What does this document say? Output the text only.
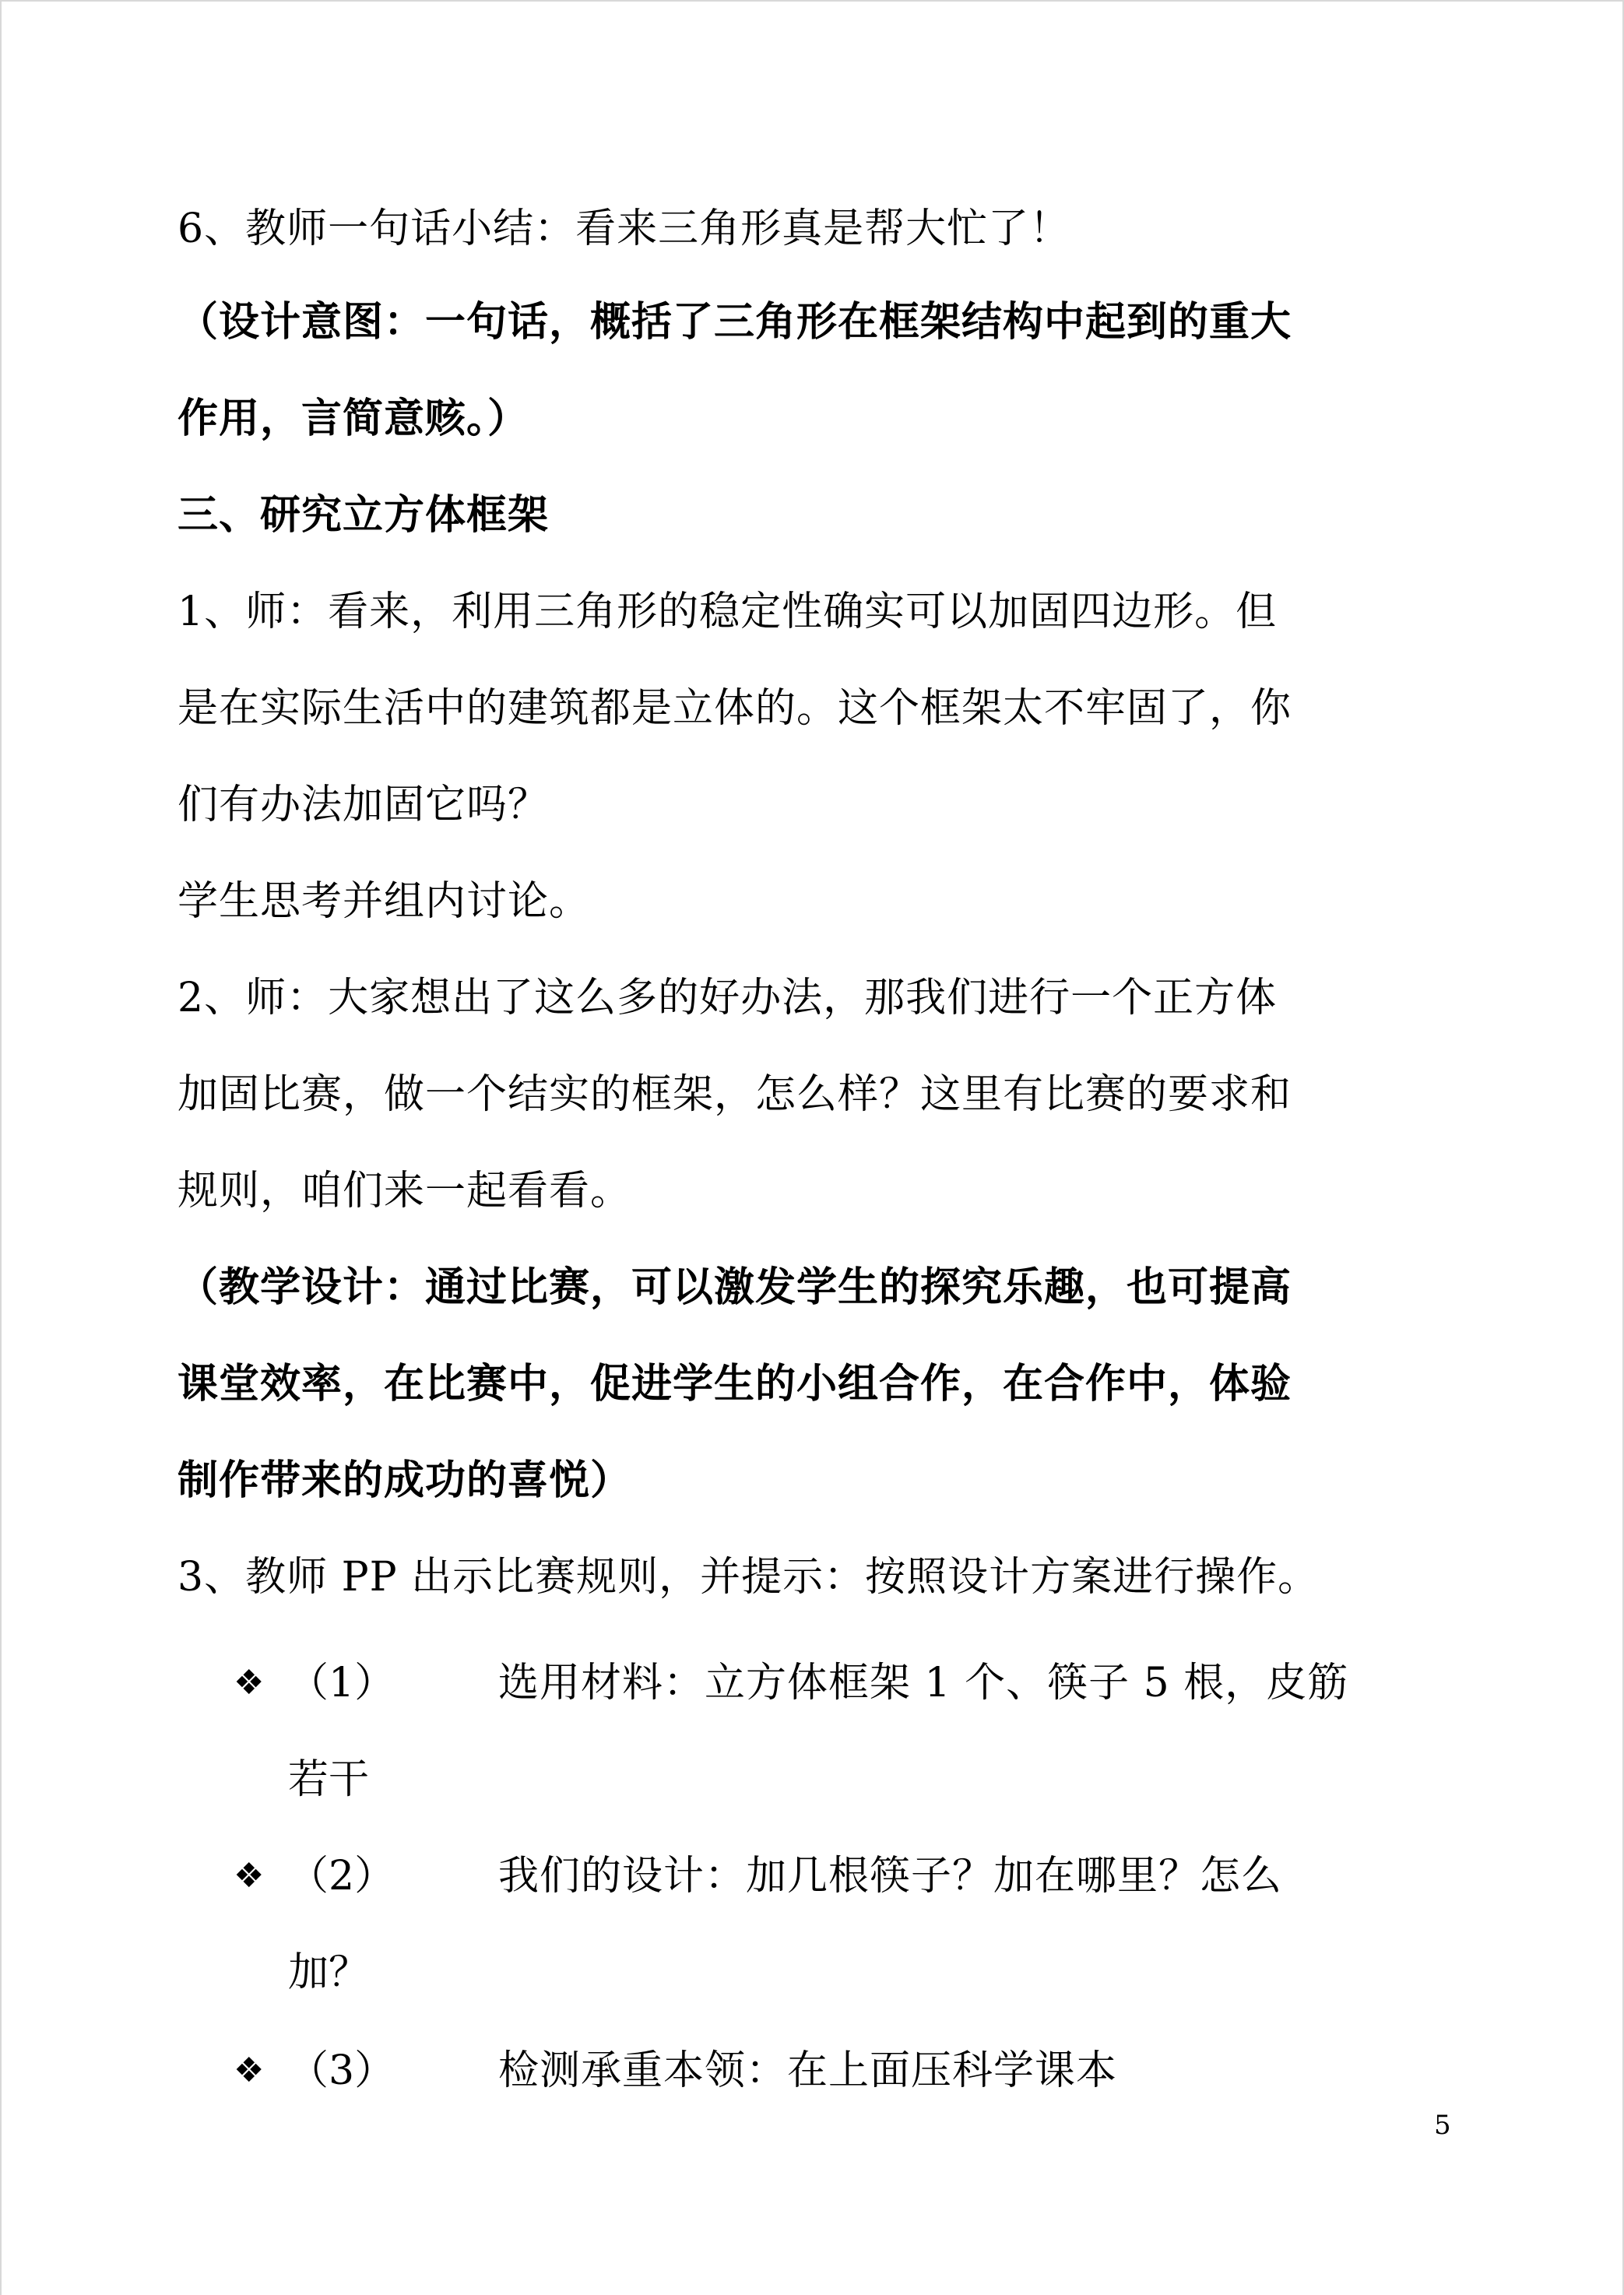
6、教师一句话小结：看来三角形真是帮大忙了！
（设计意图：一句话，概括了三角形在框架结构中起到的重大
作用，言简意赅。）
三、研究立方体框架
1、师：看来，利用三角形的稳定性确实可以加固四边形。但
是在实际生活中的建筑都是立体的。这个框架太不牢固了，你
们有办法加固它吗？
学生思考并组内讨论。
2、师：大家想出了这么多的好办法，那我们进行一个正方体
加固比赛，做一个结实的框架，怎么样？这里有比赛的要求和
规则，咱们来一起看看。
（教学设计：通过比赛，可以激发学生的探究乐趣，也可提高
课堂效率，在比赛中，促进学生的小组合作，在合作中，体验
制作带来的成功的喜悦）
3、教师 PP 出示比赛规则，并提示：按照设计方案进行操作。
❖ （1）	选用材料：立方体框架 1 个、筷子 5 根，皮筋
若干
❖ （2）	我们的设计：加几根筷子？加在哪里？怎么
加？
❖ （3）	检测承重本领：在上面压科学课本
5
